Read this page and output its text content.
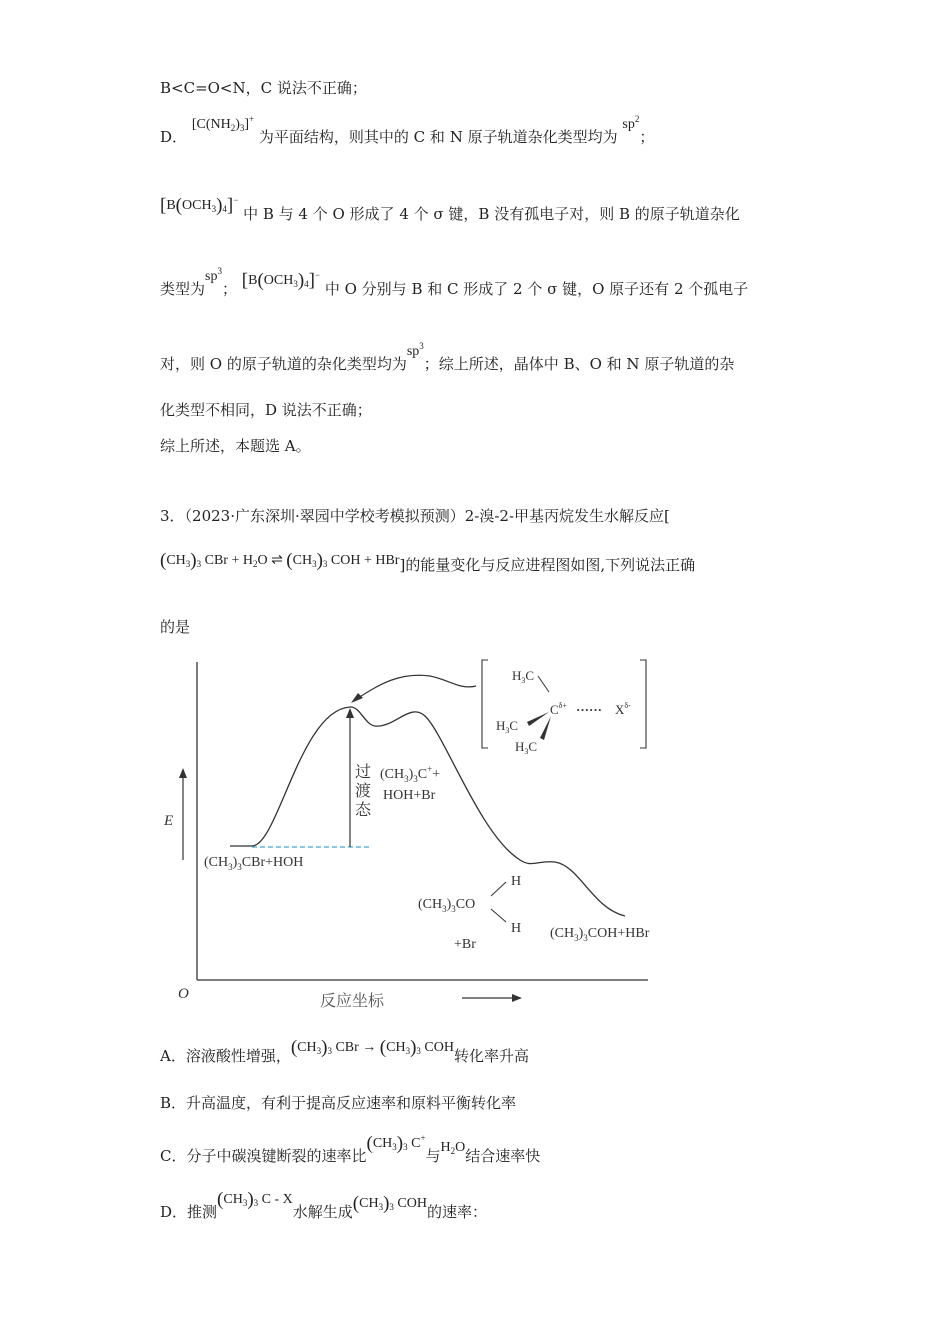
B<C=O<N，C 说法不正确；
D． $[C(NH_2)_3]^+$ 为平面结构，则其中的 C 和 N 原子轨道杂化类型均为 $sp^2$；
$[B(OCH_3)_4]^-$ 中 B 与 4 个 O 形成了 4 个 σ 键，B 没有孤电子对，则 B 的原子轨道杂化
类型为$sp^3$； $[B(OCH_3)_4]^-$ 中 O 分别与 B 和 C 形成了 2 个 σ 键，O 原子还有 2 个孤电子
对，则 O 的原子轨道的杂化类型均为$sp^3$；综上所述，晶体中 B、O 和 N 原子轨道的杂
化类型不相同，D 说法不正确；
综上所述，本题选 A。
3．（2023·广东深圳·翠园中学校考模拟预测）2-溴-2-甲基丙烷发生水解反应[
$(CH_3)_3$ CBr + $H_2O$ ⇌ $(CH_3)_3$ COH + HBr]的能量变化与反应进程图如图,下列说法正确
的是
E
O	反应坐标
过
渡
态
$(CH_3)_3C^++$
HOH+Br
$(CH_3)_3CBr+HOH$
$(CH_3)_3CO$
H
H
+Br
$(CH_3)_3COH+HBr$
$H_3C$
$C^{\delta+}$ ······ $X^{\delta-}$
$H_3C$
$H_3C$
A．溶液酸性增强，$(CH_3)_3$ CBr → $(CH_3)_3$ COH转化率升高
B．升高温度，有利于提高反应速率和原料平衡转化率
C．分子中碳溴键断裂的速率比$(CH_3)_3$ C+与$H_2O$结合速率快
D．推测$(CH_3)_3$ C - X水解生成$(CH_3)_3$ COH的速率：
